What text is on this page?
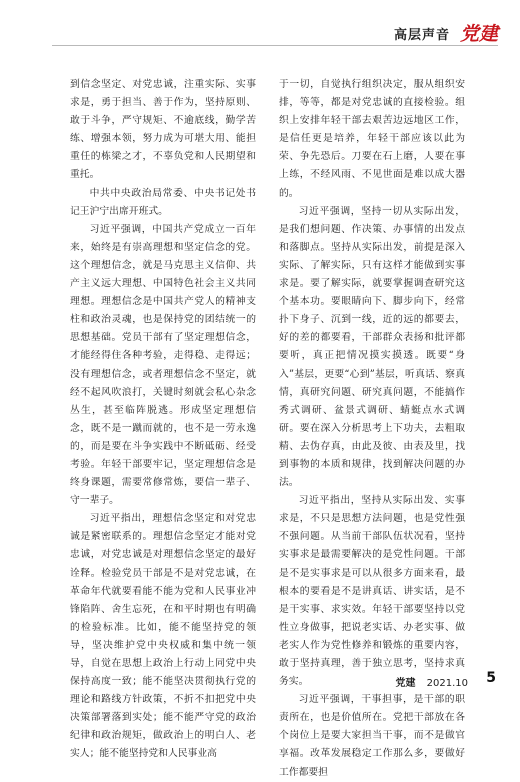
高层声音 党建

到信念坚定、对党忠诚，注重实际、实事求是，勇于担当、善于作为，坚持原则、敢于斗争，严守规矩、不逾底线，勤学苦练、增强本领，努力成为可堪大用、能担重任的栋梁之才，不辜负党和人民期望和重托。

中共中央政治局常委、中央书记处书记王沪宁出席开班式。

习近平强调，中国共产党成立一百年来，始终是有崇高理想和坚定信念的党。这个理想信念，就是马克思主义信仰、共产主义远大理想、中国特色社会主义共同理想。理想信念是中国共产党人的精神支柱和政治灵魂，也是保持党的团结统一的思想基础。党员干部有了坚定理想信念，才能经得住各种考验，走得稳、走得远；没有理想信念，或者理想信念不坚定，就经不起风吹浪打，关键时刻就会私心杂念丛生，甚至临阵脱逃。形成坚定理想信念，既不是一蹴而就的，也不是一劳永逸的，而是要在斗争实践中不断砥砺、经受考验。年轻干部要牢记，坚定理想信念是终身课题，需要常修常炼，要信一辈子、守一辈子。

习近平指出，理想信念坚定和对党忠诚是紧密联系的。理想信念坚定才能对党忠诚，对党忠诚是对理想信念坚定的最好诠释。检验党员干部是不是对党忠诚，在革命年代就要看能不能为党和人民事业冲锋陷阵、舍生忘死，在和平时期也有明确的检验标准。比如，能不能坚持党的领导，坚决维护党中央权威和集中统一领导，自觉在思想上政治上行动上同党中央保持高度一致；能不能坚决贯彻执行党的理论和路线方针政策，不折不扣把党中央决策部署落到实处；能不能严守党的政治纪律和政治规矩，做政治上的明白人、老实人；能不能坚持党和人民事业高

于一切，自觉执行组织决定，服从组织安排，等等，都是对党忠诚的直接检验。组织上安排年轻干部去艰苦边远地区工作，是信任更是培养，年轻干部应该以此为荣、争先恐后。刀要在石上磨，人要在事上练，不经风雨、不见世面是难以成大器的。

习近平强调，坚持一切从实际出发，是我们想问题、作决策、办事情的出发点和落脚点。坚持从实际出发，前提是深入实际、了解实际，只有这样才能做到实事求是。要了解实际，就要掌握调查研究这个基本功。要眼睛向下、脚步向下，经常扑下身子、沉到一线，近的远的都要去，好的差的都要看，干部群众表扬和批评都要听，真正把情况摸实摸透。既要“身入”基层，更要“心到”基层，听真话、察真情，真研究问题、研究真问题，不能搞作秀式调研、盆景式调研、蜻蜓点水式调研。要在深入分析思考上下功夫，去粗取精、去伪存真，由此及彼、由表及里，找到事物的本质和规律，找到解决问题的办法。

习近平指出，坚持从实际出发、实事求是，不只是思想方法问题，也是党性强不强问题。从当前干部队伍状况看，坚持实事求是最需要解决的是党性问题。干部是不是实事求是可以从很多方面来看，最根本的要看是不是讲真话、讲实话，是不是干实事、求实效。年轻干部要坚持以党性立身做事，把说老实话、办老实事、做老实人作为党性修养和锻炼的重要内容，敢于坚持真理，善于独立思考，坚持求真务实。

习近平强调，干事担事，是干部的职责所在，也是价值所在。党把干部放在各个岗位上是要大家担当干事，而不是做官享福。改革发展稳定工作那么多，要做好工作都要担

党建 2021.10 5
